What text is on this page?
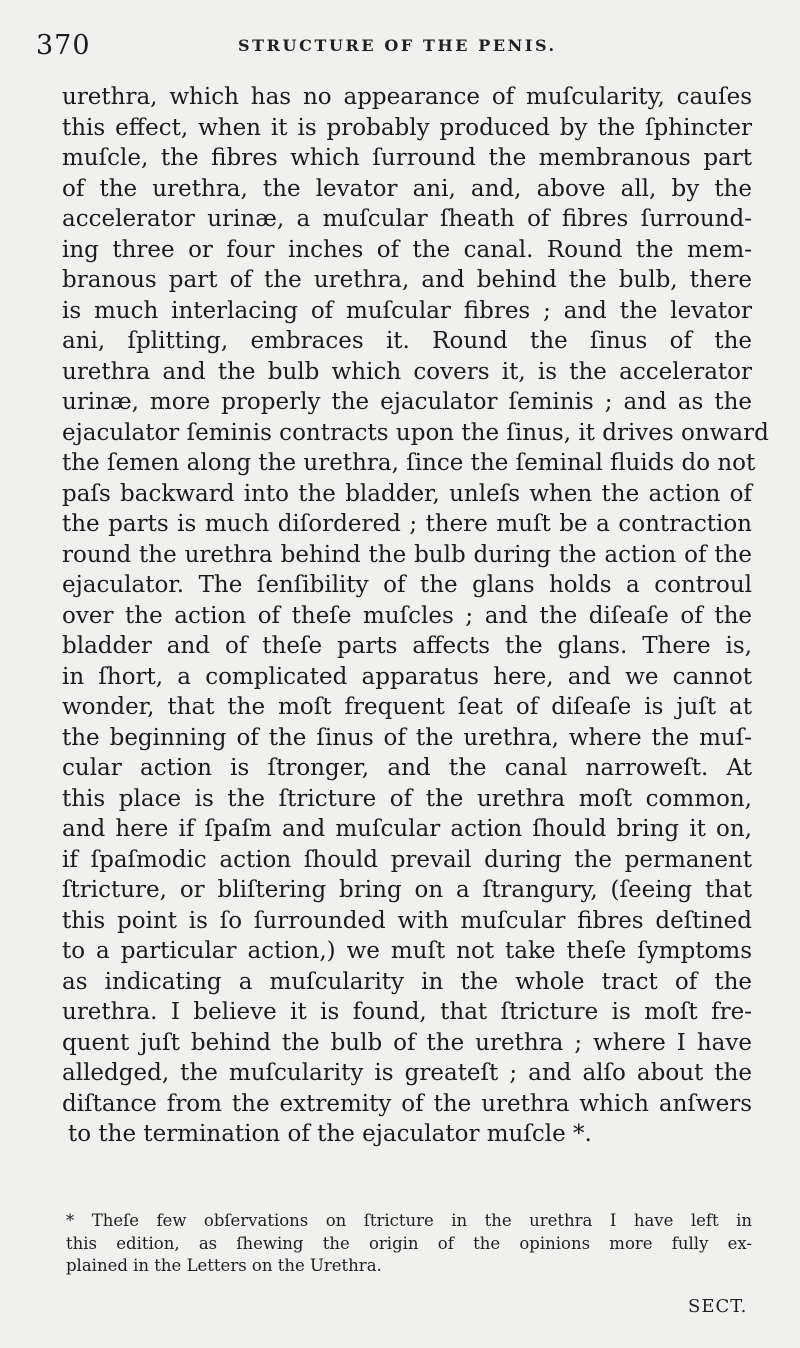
370	STRUCTURE OF THE PENIS.
urethra, which has no appearance of muſcularity, cauſes
this effect, when it is probably produced by the ſphincter
muſcle, the fibres which ſurround the membranous part
of the urethra, the levator ani, and, above all, by the
accelerator urinæ, a muſcular ſheath of fibres ſurround-
ing three or four inches of the canal. Round the mem-
branous part of the urethra, and behind the bulb, there
is much interlacing of muſcular fibres ; and the levator
ani, ſplitting, embraces it. Round the ſinus of the
urethra and the bulb which covers it, is the accelerator
urinæ, more properly the ejaculator ſeminis ; and as the
ejaculator ſeminis contracts upon the ſinus, it drives onward
the ſemen along the urethra, ſince the ſeminal fluids do not
paſs backward into the bladder, unleſs when the action of
the parts is much diſordered ; there muſt be a contraction
round the urethra behind the bulb during the action of the
ejaculator. The ſenſibility of the glans holds a controul
over the action of theſe muſcles ; and the diſeaſe of the
bladder and of theſe parts affects the glans. There is,
in ſhort, a complicated apparatus here, and we cannot
wonder, that the moſt frequent ſeat of diſeaſe is juſt at
the beginning of the ſinus of the urethra, where the muſ-
cular action is ſtronger, and the canal narroweſt. At
this place is the ſtricture of the urethra moſt common,
and here if ſpaſm and muſcular action ſhould bring it on,
if ſpaſmodic action ſhould prevail during the permanent
ſtricture, or bliſtering bring on a ſtrangury, (ſeeing that
this point is ſo ſurrounded with muſcular fibres deſtined
to a particular action,) we muſt not take theſe ſymptoms
as indicating a muſcularity in the whole tract of the
urethra. I believe it is found, that ſtricture is moſt fre-
quent juſt behind the bulb of the urethra ; where I have
alledged, the muſcularity is greateſt ; and alſo about the
diſtance from the extremity of the urethra which anſwers
to the termination of the ejaculator muſcle *.
* Theſe few obſervations on ſtricture in the urethra I have left in
this edition, as ſhewing the origin of the opinions more fully ex-
plained in the Letters on the Urethra.
SECT.
